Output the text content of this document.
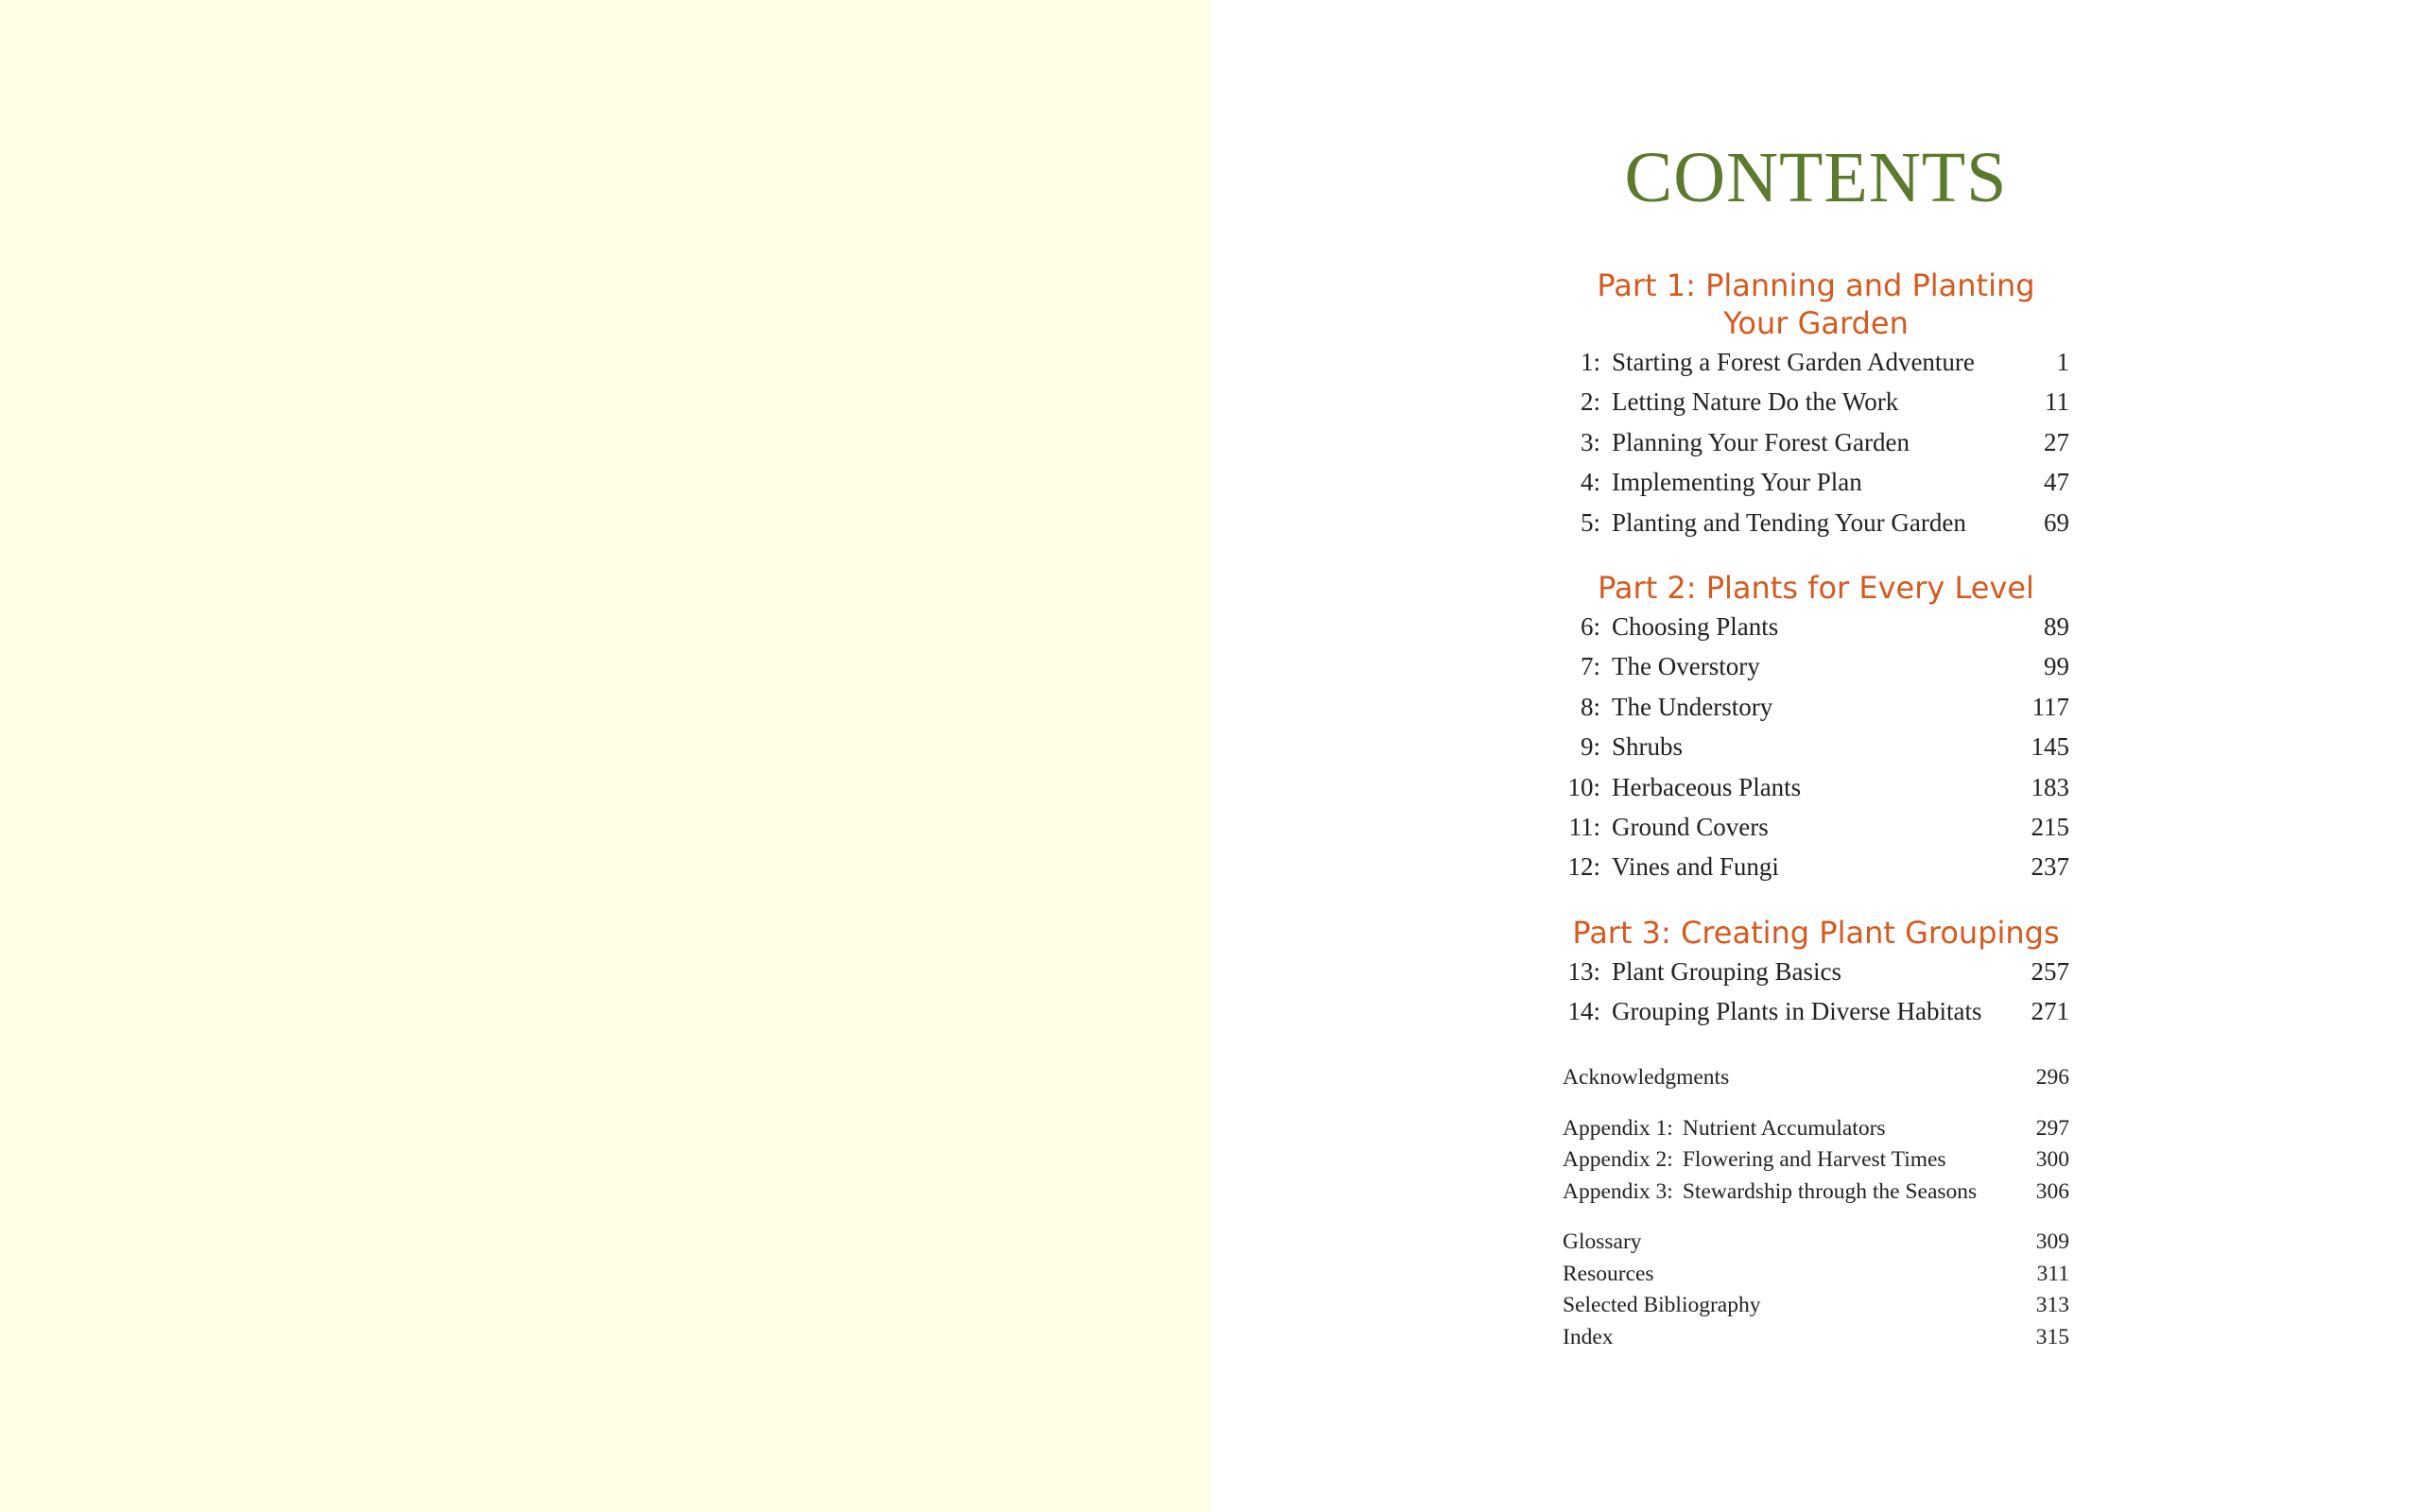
CONTENTS
Part 1: Planning and Planting
Your Garden
1: Starting a Forest Garden Adventure	1
2: Letting Nature Do the Work	11
3: Planning Your Forest Garden	27
4: Implementing Your Plan	47
5: Planting and Tending Your Garden	69
Part 2: Plants for Every Level
6: Choosing Plants	89
7: The Overstory	99
8: The Understory	117
9: Shrubs	145
10: Herbaceous Plants	183
11: Ground Covers	215
12: Vines and Fungi	237
Part 3: Creating Plant Groupings
13: Plant Grouping Basics	257
14: Grouping Plants in Diverse Habitats	271
Acknowledgments	296
Appendix 1: Nutrient Accumulators	297
Appendix 2: Flowering and Harvest Times	300
Appendix 3: Stewardship through the Seasons	306
Glossary	309
Resources	311
Selected Bibliography	313
Index	315
